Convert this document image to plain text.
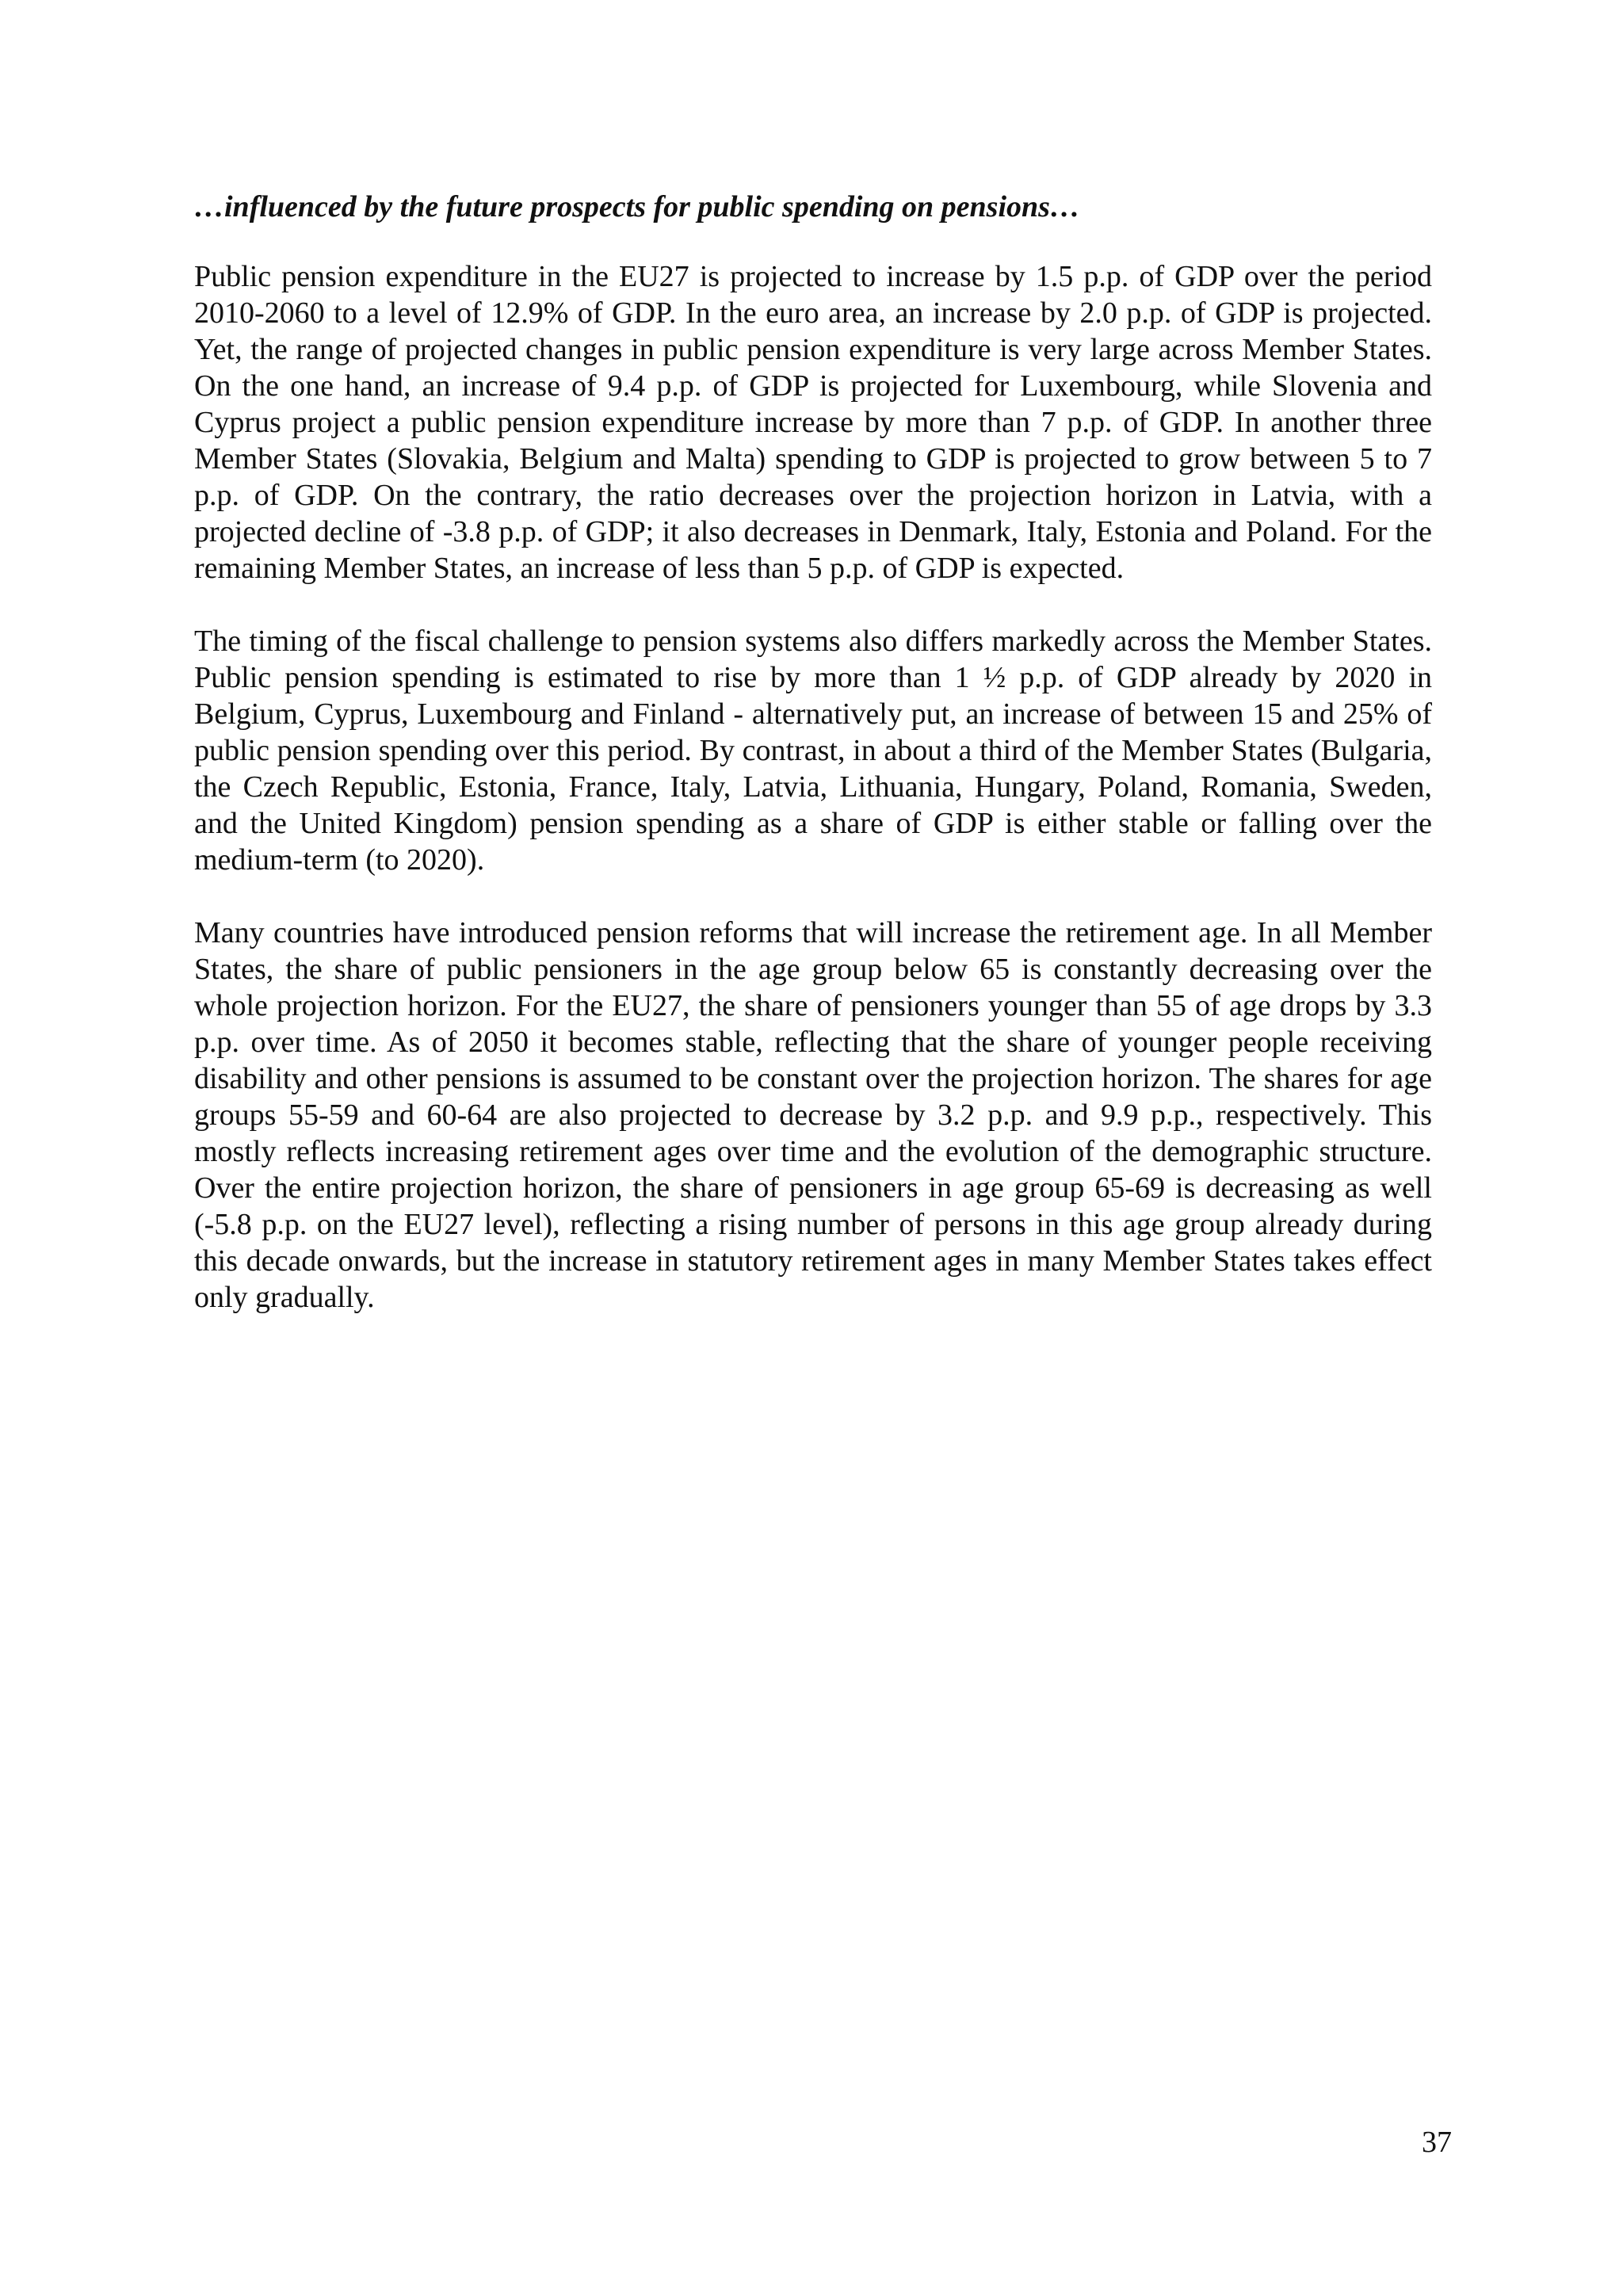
…influenced by the future prospects for public spending on pensions…

Public pension expenditure in the EU27 is projected to increase by 1.5 p.p. of GDP over the period 2010-2060 to a level of 12.9% of GDP. In the euro area, an increase by 2.0 p.p. of GDP is projected. Yet, the range of projected changes in public pension expenditure is very large across Member States. On the one hand, an increase of 9.4 p.p. of GDP is projected for Luxembourg, while Slovenia and Cyprus project a public pension expenditure increase by more than 7 p.p. of GDP. In another three Member States (Slovakia, Belgium and Malta) spending to GDP is projected to grow between 5 to 7 p.p. of GDP. On the contrary, the ratio decreases over the projection horizon in Latvia, with a projected decline of -3.8 p.p. of GDP; it also decreases in Denmark, Italy, Estonia and Poland. For the remaining Member States, an increase of less than 5 p.p. of GDP is expected.

The timing of the fiscal challenge to pension systems also differs markedly across the Member States. Public pension spending is estimated to rise by more than 1 ½ p.p. of GDP already by 2020 in Belgium, Cyprus, Luxembourg and Finland - alternatively put, an increase of between 15 and 25% of public pension spending over this period. By contrast, in about a third of the Member States (Bulgaria, the Czech Republic, Estonia, France, Italy, Latvia, Lithuania, Hungary, Poland, Romania, Sweden, and the United Kingdom) pension spending as a share of GDP is either stable or falling over the medium-term (to 2020).

Many countries have introduced pension reforms that will increase the retirement age. In all Member States, the share of public pensioners in the age group below 65 is constantly decreasing over the whole projection horizon. For the EU27, the share of pensioners younger than 55 of age drops by 3.3 p.p. over time. As of 2050 it becomes stable, reflecting that the share of younger people receiving disability and other pensions is assumed to be constant over the projection horizon. The shares for age groups 55-59 and 60-64 are also projected to decrease by 3.2 p.p. and 9.9 p.p., respectively. This mostly reflects increasing retirement ages over time and the evolution of the demographic structure. Over the entire projection horizon, the share of pensioners in age group 65-69 is decreasing as well (-5.8 p.p. on the EU27 level), reflecting a rising number of persons in this age group already during this decade onwards, but the increase in statutory retirement ages in many Member States takes effect only gradually.

37
